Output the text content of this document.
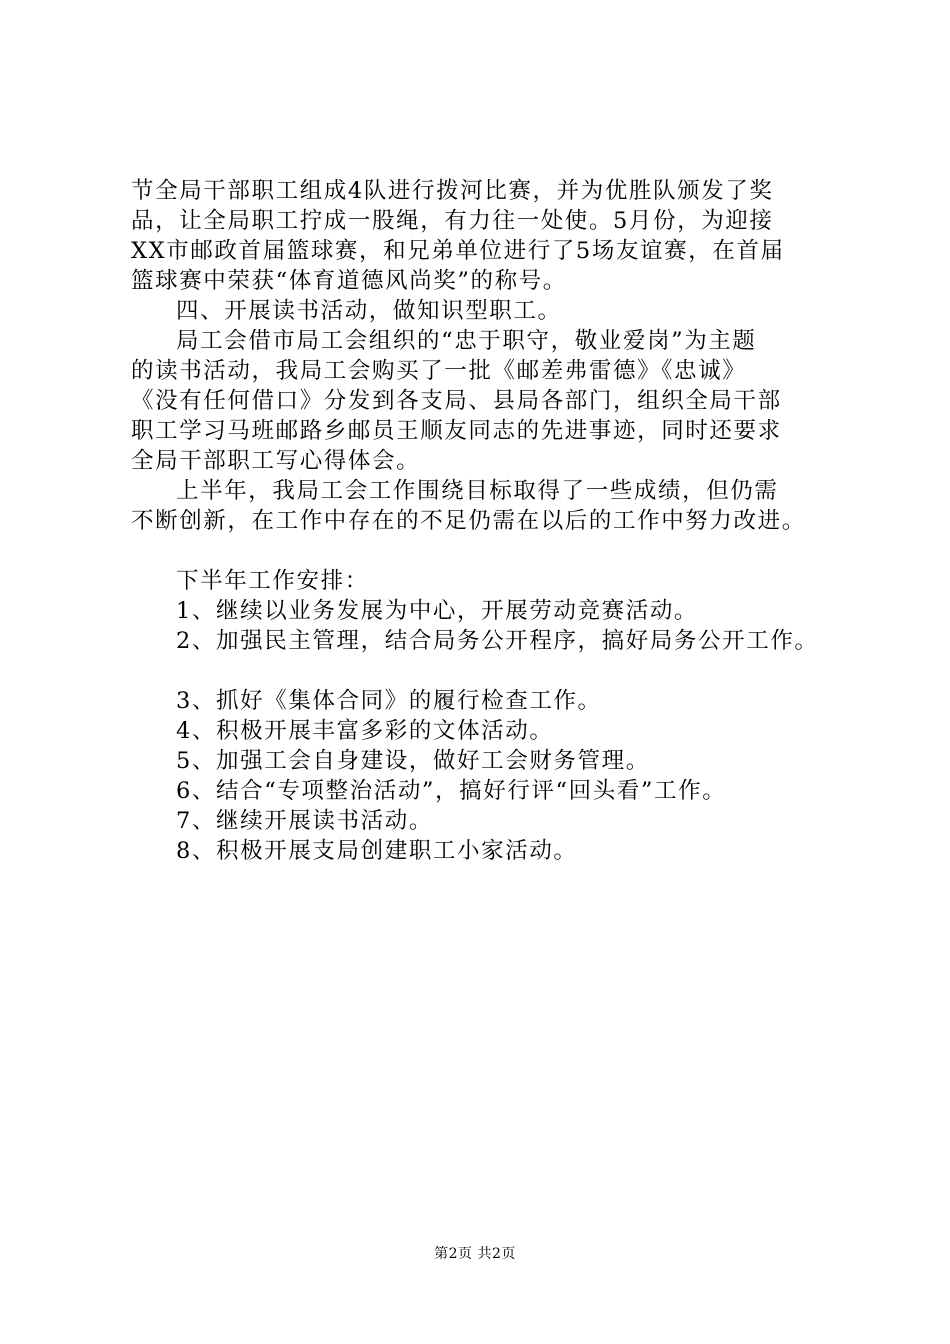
节全局干部职工组成4队进行拨河比赛，并为优胜队颁发了奖
品，让全局职工拧成一股绳，有力往一处使。5月份，为迎接
XX市邮政首届篮球赛，和兄弟单位进行了5场友谊赛，在首届
篮球赛中荣获“体育道德风尚奖”的称号。
四、开展读书活动，做知识型职工。
局工会借市局工会组织的“忠于职守，敬业爱岗”为主题
的读书活动，我局工会购买了一批《邮差弗雷德》《忠诚》
《没有任何借口》分发到各支局、县局各部门，组织全局干部
职工学习马班邮路乡邮员王顺友同志的先进事迹，同时还要求
全局干部职工写心得体会。
上半年，我局工会工作围绕目标取得了一些成绩，但仍需
不断创新，在工作中存在的不足仍需在以后的工作中努力改进。
下半年工作安排：
1、继续以业务发展为中心，开展劳动竞赛活动。
2、加强民主管理，结合局务公开程序，搞好局务公开工作。
3、抓好《集体合同》的履行检查工作。
4、积极开展丰富多彩的文体活动。
5、加强工会自身建设，做好工会财务管理。
6、结合“专项整治活动”，搞好行评“回头看”工作。
7、继续开展读书活动。
8、积极开展支局创建职工小家活动。
第2页 共2页
